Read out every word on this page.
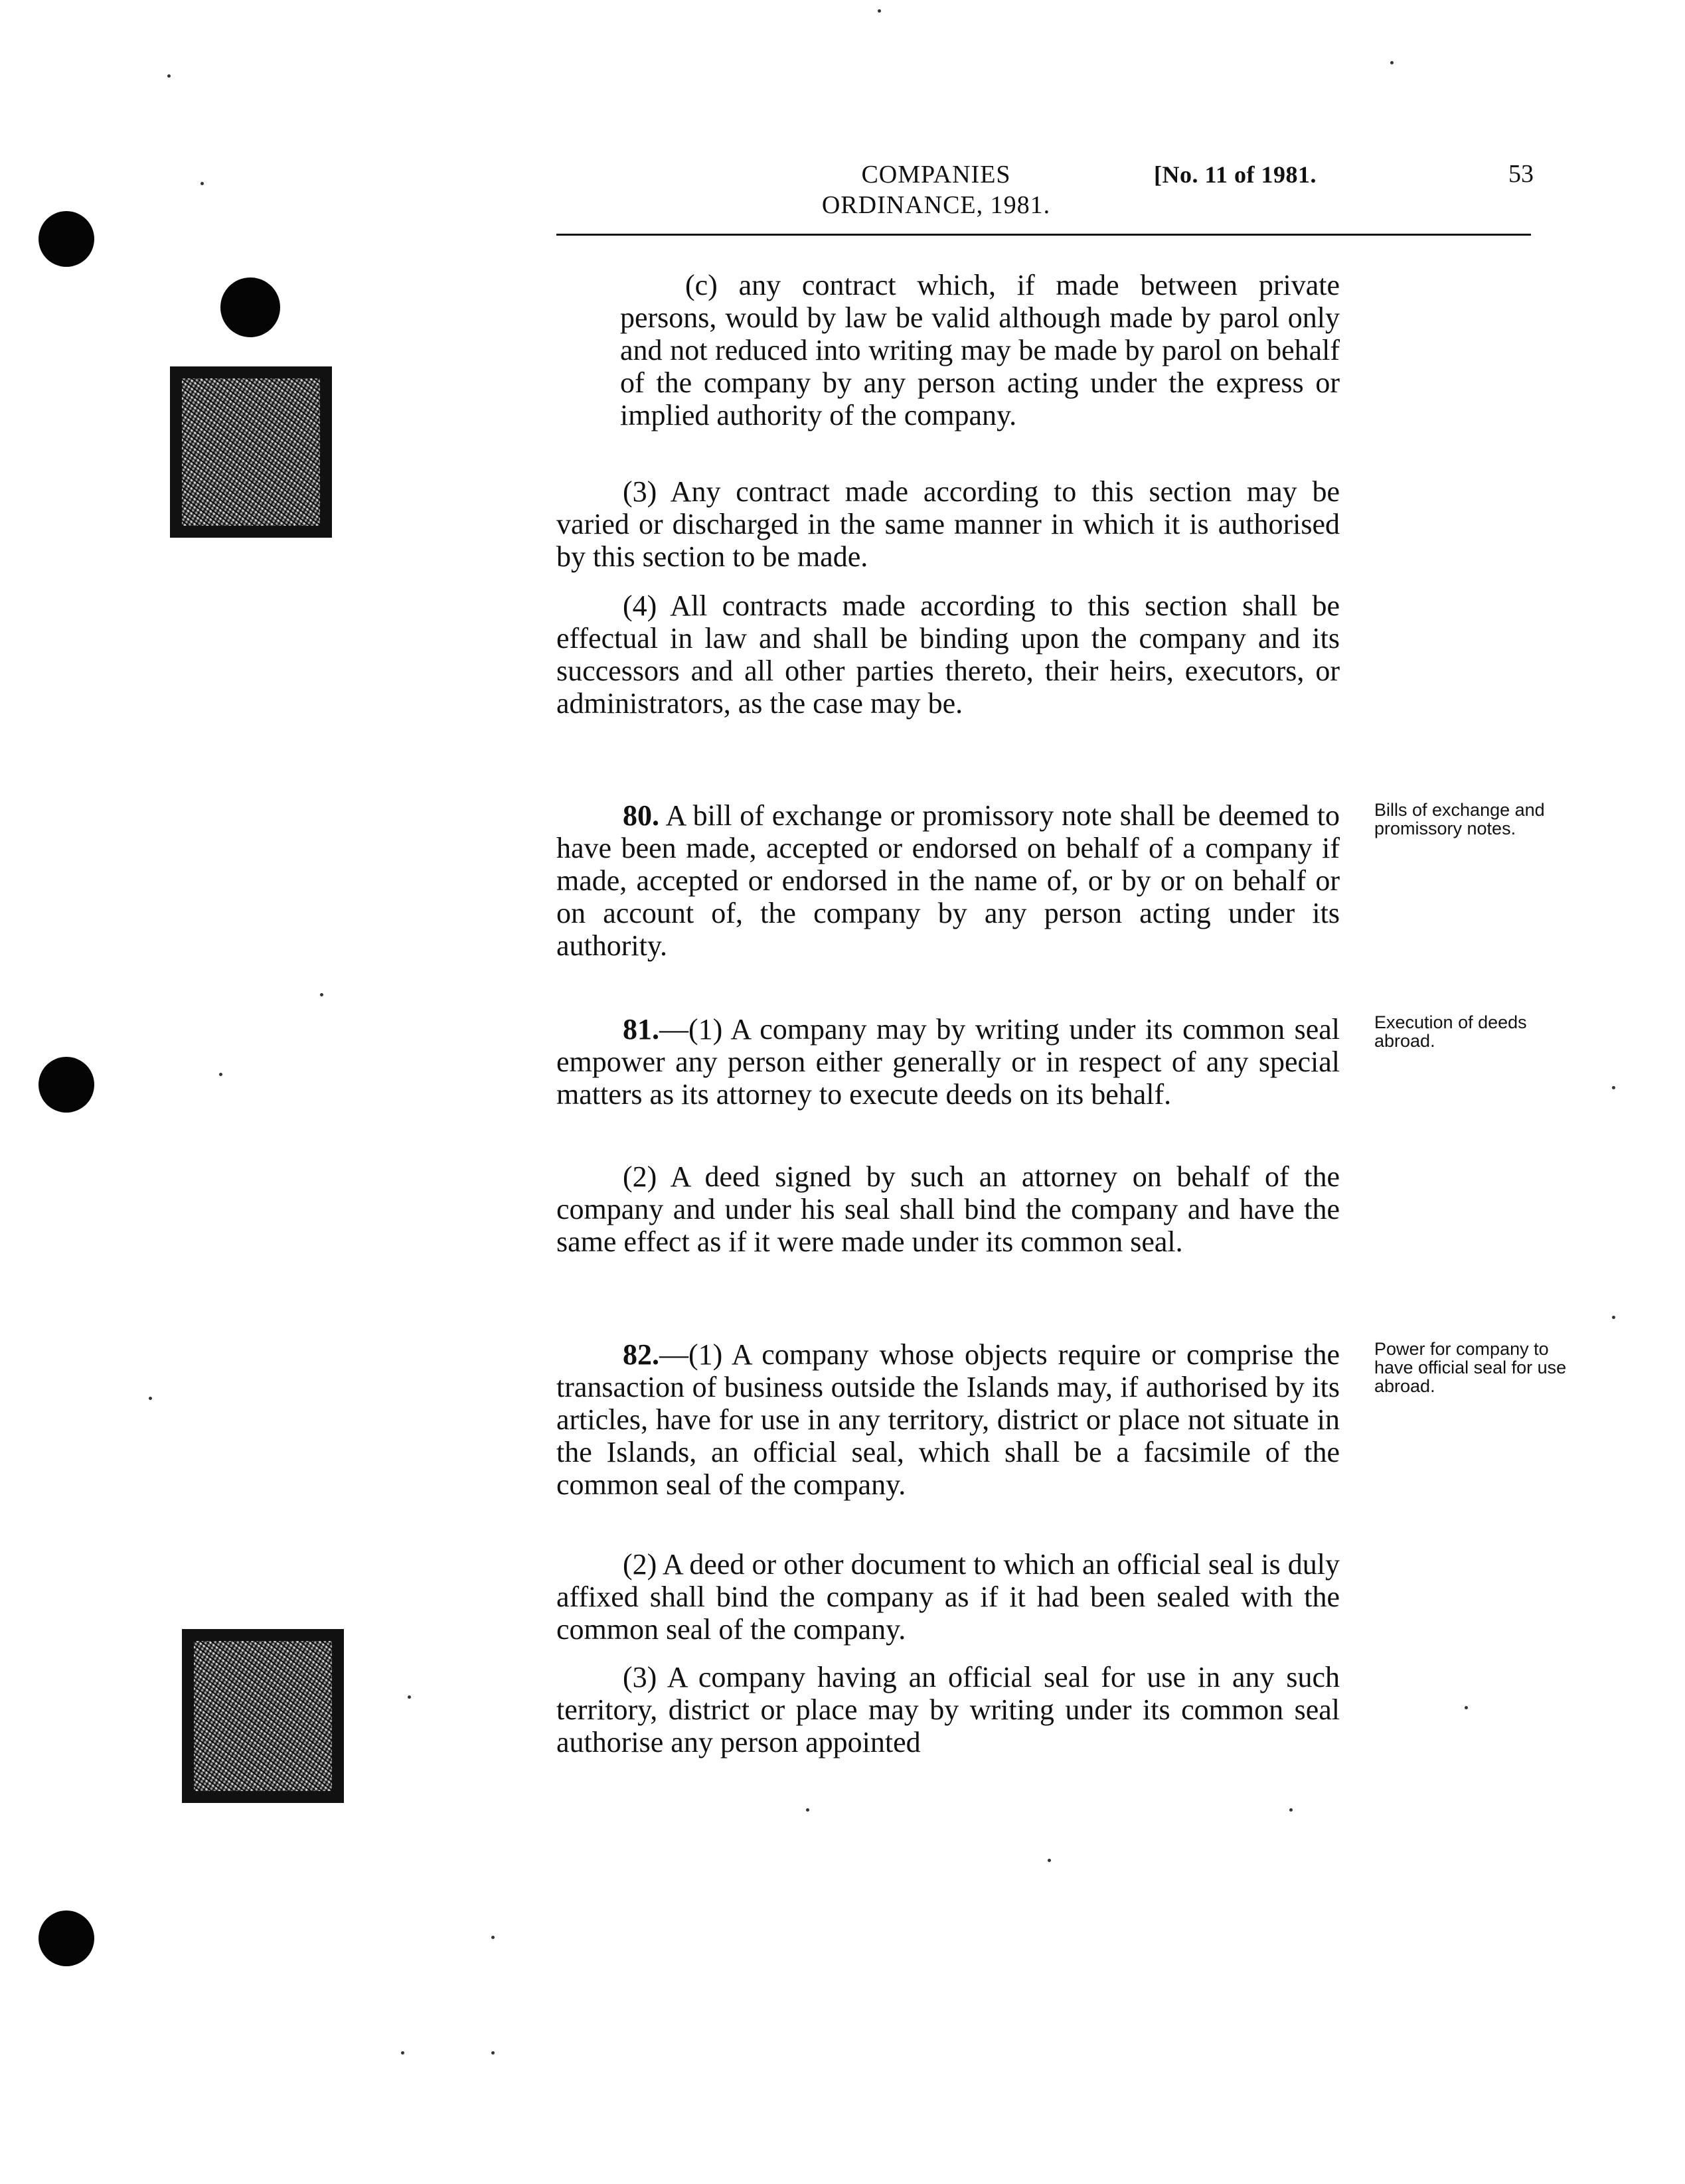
COMPANIES
ORDINANCE, 1981.
[No. 11 of 1981.	53

(c) any contract which, if made between private persons, would by law be valid although made by parol only and not reduced into writing may be made by parol on behalf of the company by any person acting under the express or implied authority of the company.

(3) Any contract made according to this section may be varied or discharged in the same manner in which it is authorised by this section to be made.

(4) All contracts made according to this section shall be effectual in law and shall be binding upon the company and its successors and all other parties thereto, their heirs, executors, or administrators, as the case may be.

80. A bill of exchange or promissory note shall be deemed to have been made, accepted or endorsed on behalf of a company if made, accepted or endorsed in the name of, or by or on behalf or on account of, the company by any person acting under its authority.

Bills of exchange and promissory notes.

81.—(1) A company may by writing under its common seal empower any person either generally or in respect of any special matters as its attorney to execute deeds on its behalf.

Execution of deeds abroad.

(2) A deed signed by such an attorney on behalf of the company and under his seal shall bind the company and have the same effect as if it were made under its common seal.

82.—(1) A company whose objects require or comprise the transaction of business outside the Islands may, if authorised by its articles, have for use in any territory, district or place not situate in the Islands, an official seal, which shall be a facsimile of the common seal of the company.

Power for company to have official seal for use abroad.

(2) A deed or other document to which an official seal is duly affixed shall bind the company as if it had been sealed with the common seal of the company.

(3) A company having an official seal for use in any such territory, district or place may by writing under its common seal authorise any person appointed
